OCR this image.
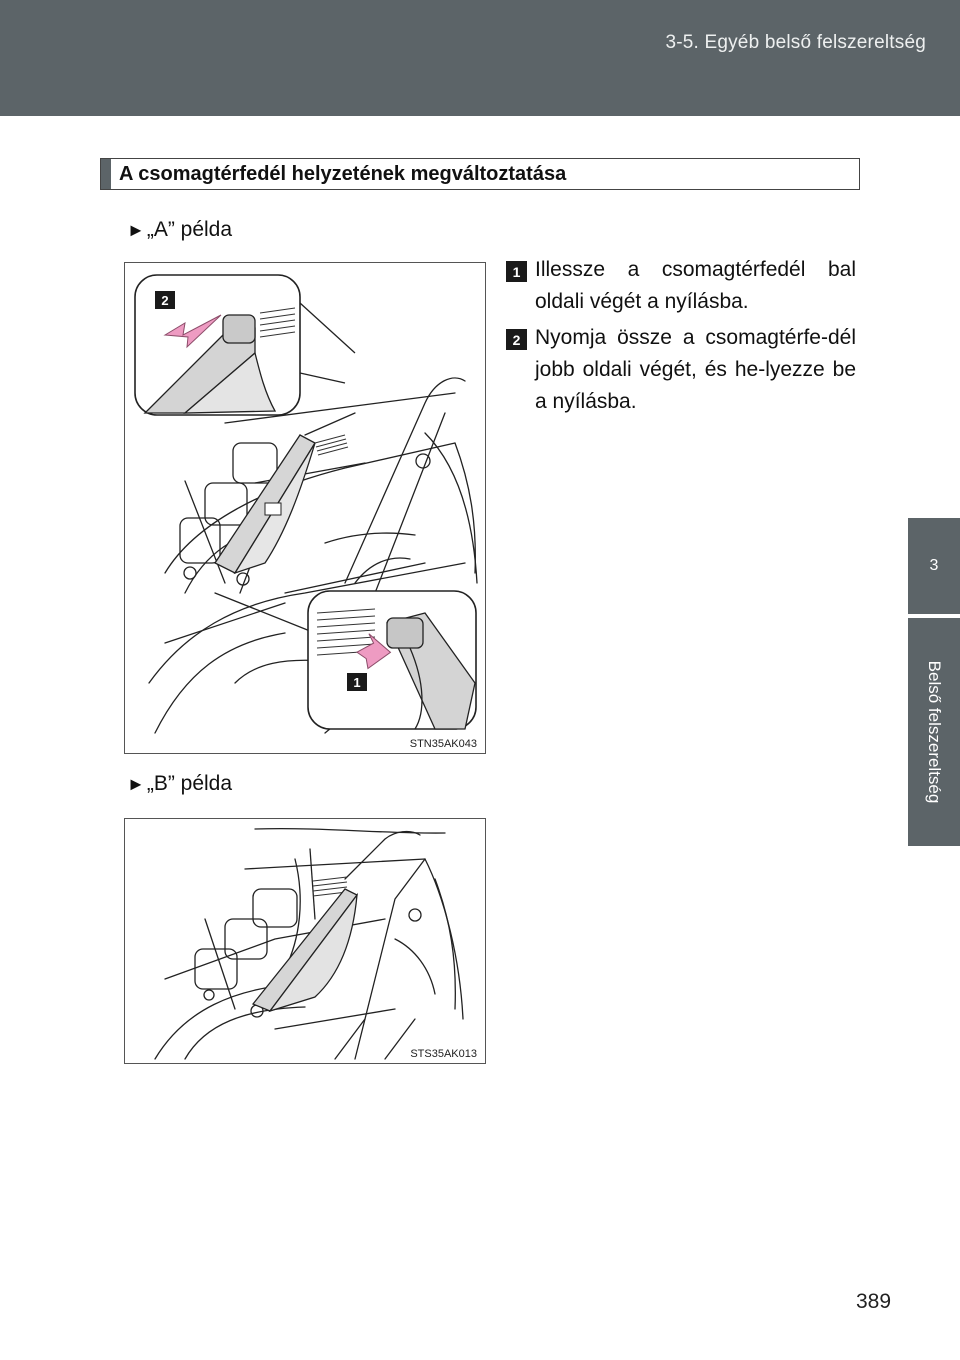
3-5. Egyéb belső felszereltség
3
Belső felszereltség
A csomagtérfedél helyzetének megváltoztatása
►„A” példa
2
1
STN35AK043
1 Illessze a csomagtérfedél bal oldali végét a nyílásba.
2 Nyomja össze a csomagtérfe-dél jobb oldali végét, és he-lyezze be a nyílásba.
►„B” példa
STS35AK013
389
